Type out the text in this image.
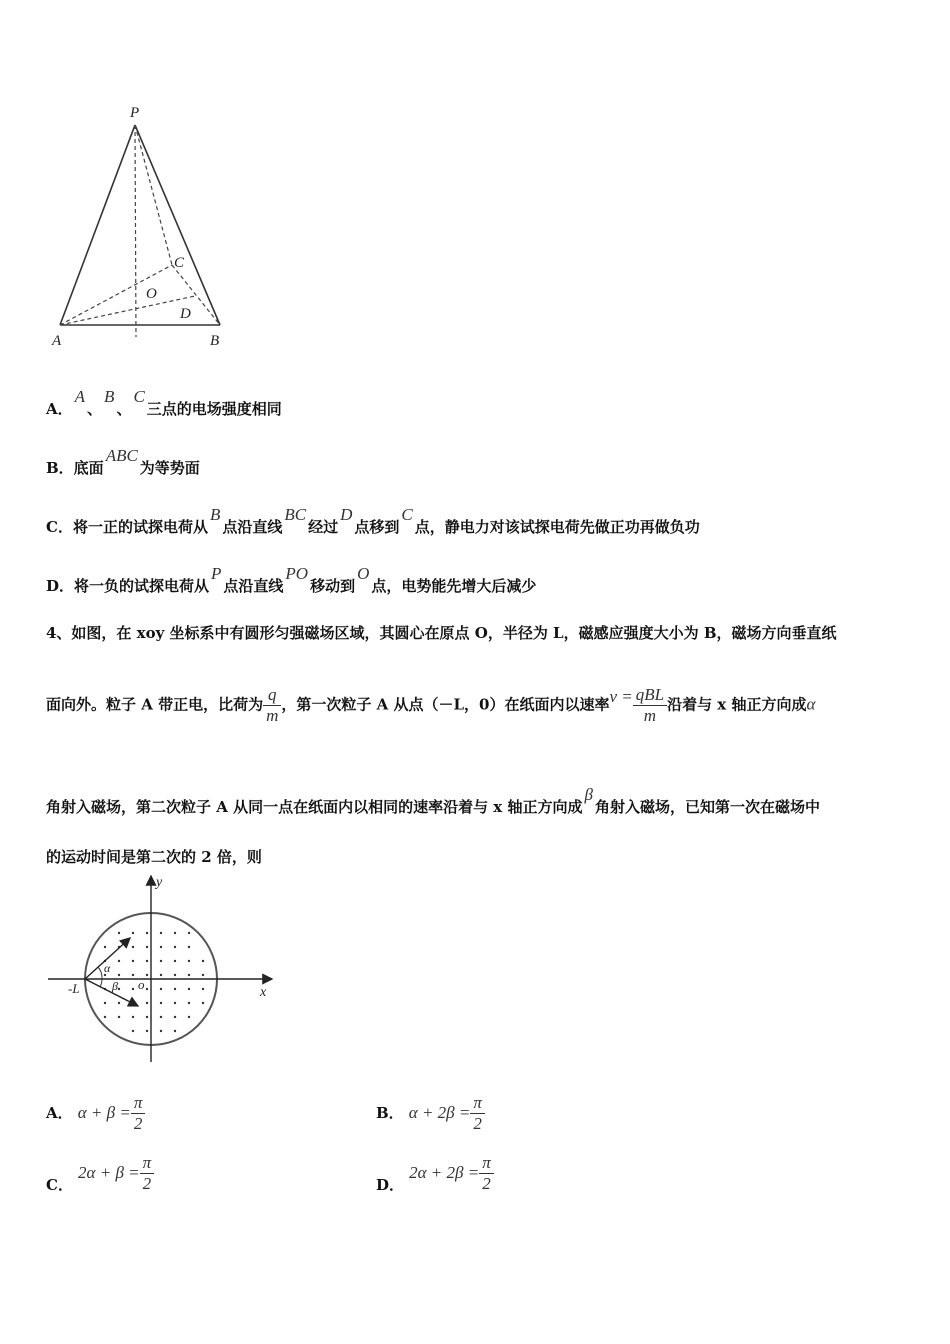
P
A	B
C
O
D
A．A、B、C三点的电场强度相同
B．底面ABC为等势面
C．将一正的试探电荷从B点沿直线BC经过D点移到C点，静电力对该试探电荷先做正功再做负功
D．将一负的试探电荷从P点沿直线PO移动到O点，电势能先增大后减少
4、如图，在 xoy 坐标系中有圆形匀强磁场区域，其圆心在原点 O，半径为 L，磁感应强度大小为 B，磁场方向垂直纸
面向外。粒子 A 带正电，比荷为 $\frac{q}{m}$ ，第一次粒子 A 从点（－L，0）在纸面内以速率$v = \frac{\text{qBL}}{m}$ 沿着与 x 轴正方向成α
角射入磁场，第二次粒子 A 从同一点在纸面内以相同的速率沿着与 x 轴正方向成β角射入磁场，已知第一次在磁场中
的运动时间是第二次的 2 倍，则
y
x
o
-L
α
β
A． $\alpha + \beta = \frac{\pi}{2}$	B． $\alpha + 2\beta = \frac{\pi}{2}$
C． $2\alpha + \beta = \frac{\pi}{2}$	D． $2\alpha + 2\beta = \frac{\pi}{2}$
